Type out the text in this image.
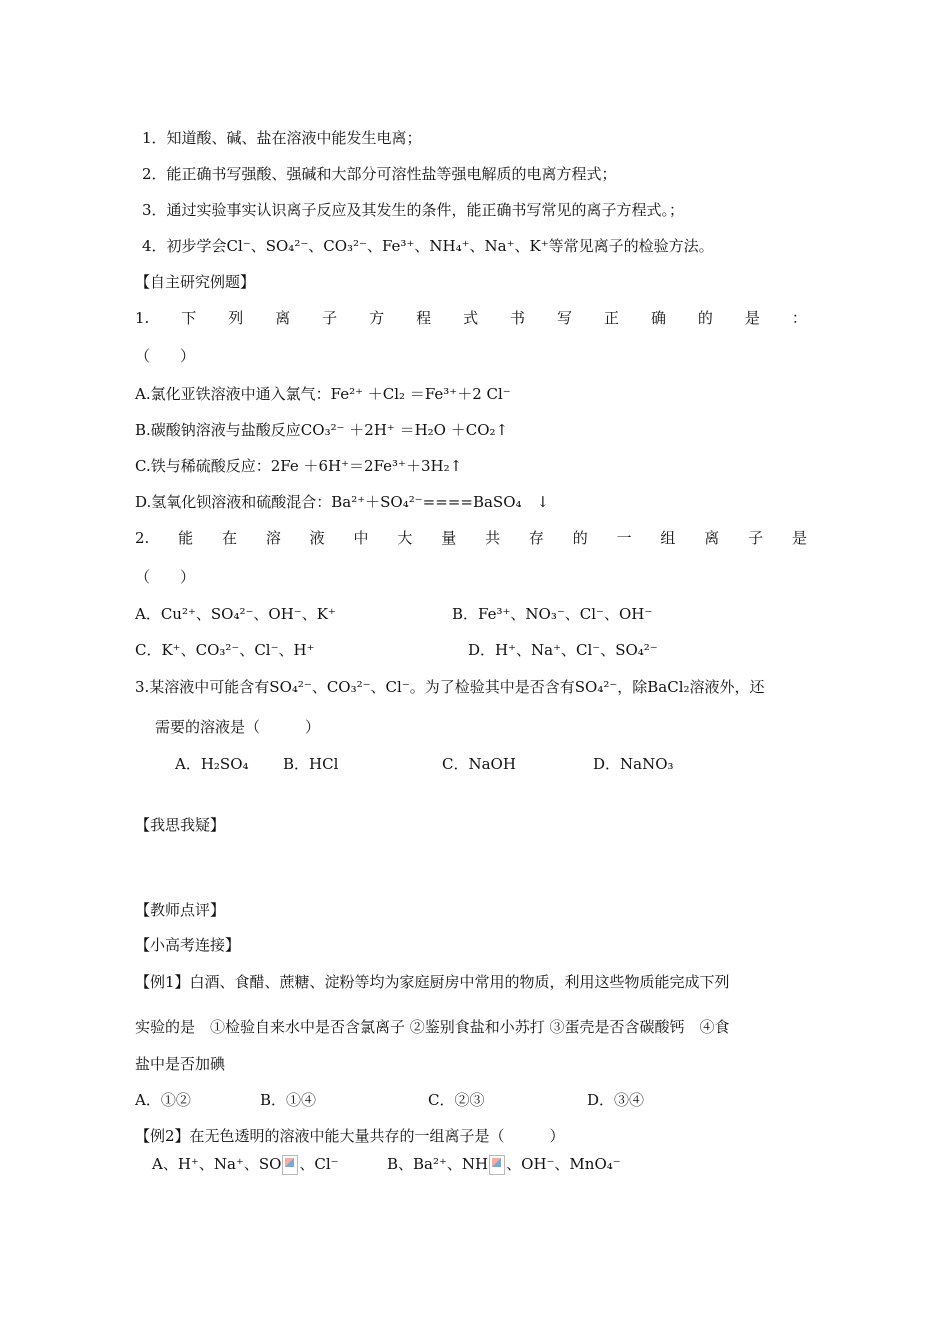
1．知道酸、碱、盐在溶液中能发生电离；
2．能正确书写强酸、强碱和大部分可溶性盐等强电解质的电离方程式；
3．通过实验事实认识离子反应及其发生的条件，能正确书写常见的离子方程式。；
4．初步学会Cl⁻、SO₄²⁻、CO₃²⁻、Fe³⁺、NH₄⁺、Na⁺、K⁺等常见离子的检验方法。
【自主研究例题】
1. 下 列 离 子 方 程 式 书 写 正 确 的 是 ：
（　　）
A.氯化亚铁溶液中通入氯气：Fe²⁺ ＋Cl₂ ＝Fe³⁺＋2 Cl⁻
B.碳酸钠溶液与盐酸反应CO₃²⁻ ＋2H⁺ ＝H₂O ＋CO₂↑
C.铁与稀硫酸反应：2Fe ＋6H⁺＝2Fe³⁺＋3H₂↑
D.氢氧化钡溶液和硫酸混合：Ba²⁺＋SO₄²⁻====BaSO₄　↓
2. 能 在 溶 液 中 大 量 共 存 的 一 组 离 子 是
（　　）
A．Cu²⁺、SO₄²⁻、OH⁻、K⁺	B．Fe³⁺、NO₃⁻、Cl⁻、OH⁻
C．K⁺、CO₃²⁻、Cl⁻、H⁺	D．H⁺、Na⁺、Cl⁻、SO₄²⁻
3.某溶液中可能含有SO₄²⁻、CO₃²⁻、Cl⁻。为了检验其中是否含有SO₄²⁻，除BaCl₂溶液外，还
需要的溶液是（　　　）
A．H₂SO₄ B．HCl	C．NaOH	D．NaNO₃
【我思我疑】
【教师点评】
【小高考连接】
【例1】白酒、食醋、蔗糖、淀粉等均为家庭厨房中常用的物质，利用这些物质能完成下列
实验的是　①检验自来水中是否含氯离子 ②鉴别食盐和小苏打 ③蛋壳是否含碳酸钙　④食
盐中是否加碘
A．①②	B．①④	C．②③	D．③④
【例2】在无色透明的溶液中能大量共存的一组离子是（　　　）
A、H⁺、Na⁺、SO 、Cl⁻	B、Ba²⁺、NH 、OH⁻、MnO₄⁻
